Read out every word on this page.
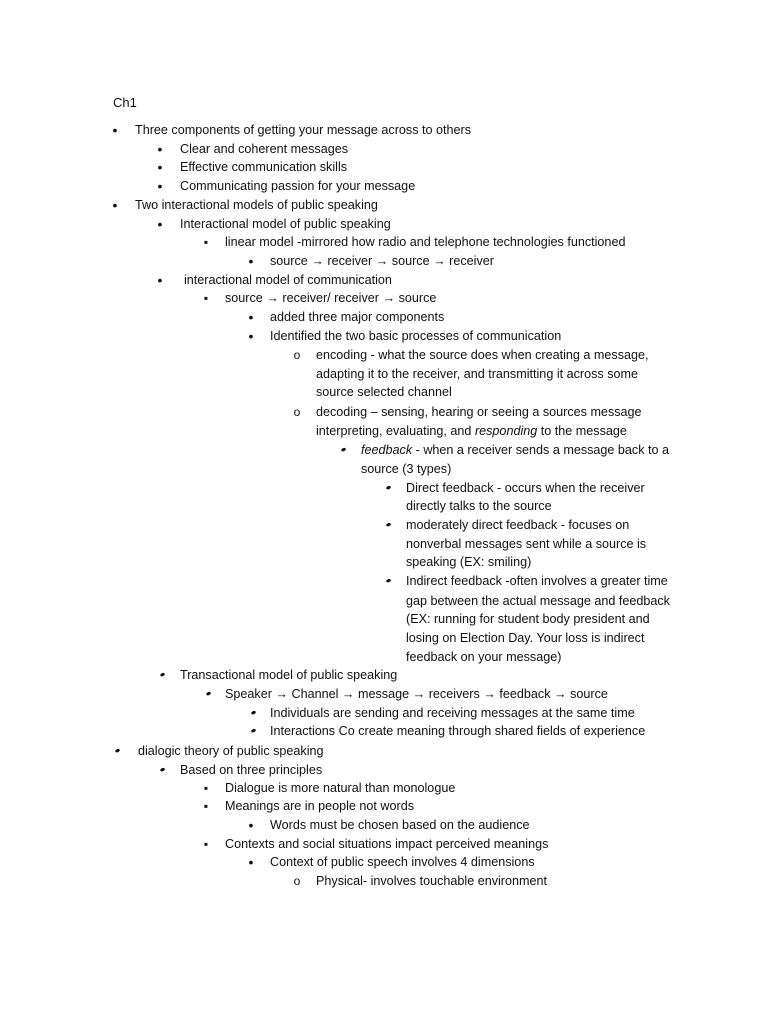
Ch1
•
Three components of getting your message across to others
•
Clear and coherent messages
•
Effective communication skills
•
Communicating passion for your message
•
Two interactional models of public speaking
•
Interactional model of public speaking
▪
linear model -mirrored how radio and telephone technologies functioned
•
source → receiver → source → receiver
•
interactional model of communication
▪
source → receiver/ receiver → source
•
added three major components
•
Identified the two basic processes of communication
o
encoding - what the source does when creating a message,
adapting it to the receiver, and transmitting it across some
source selected channel
o
decoding – sensing, hearing or seeing a sources message
interpreting, evaluating, and responding to the message
•
feedback - when a receiver sends a message back to a
source (3 types)
•
Direct feedback - occurs when the receiver
directly talks to the source
•
moderately direct feedback - focuses on
nonverbal messages sent while a source is
speaking (EX: smiling)
•
Indirect feedback -often involves a greater time
gap between the actual message and feedback
(EX: running for student body president and
losing on Election Day. Your loss is indirect
feedback on your message)
•
Transactional model of public speaking
•
Speaker → Channel → message → receivers → feedback → source
•
Individuals are sending and receiving messages at the same time
•
Interactions Co create meaning through shared fields of experience
•
dialogic theory of public speaking
•
Based on three principles
▪
Dialogue is more natural than monologue
▪
Meanings are in people not words
•
Words must be chosen based on the audience
▪
Contexts and social situations impact perceived meanings
•
Context of public speech involves 4 dimensions
o
Physical- involves touchable environment
